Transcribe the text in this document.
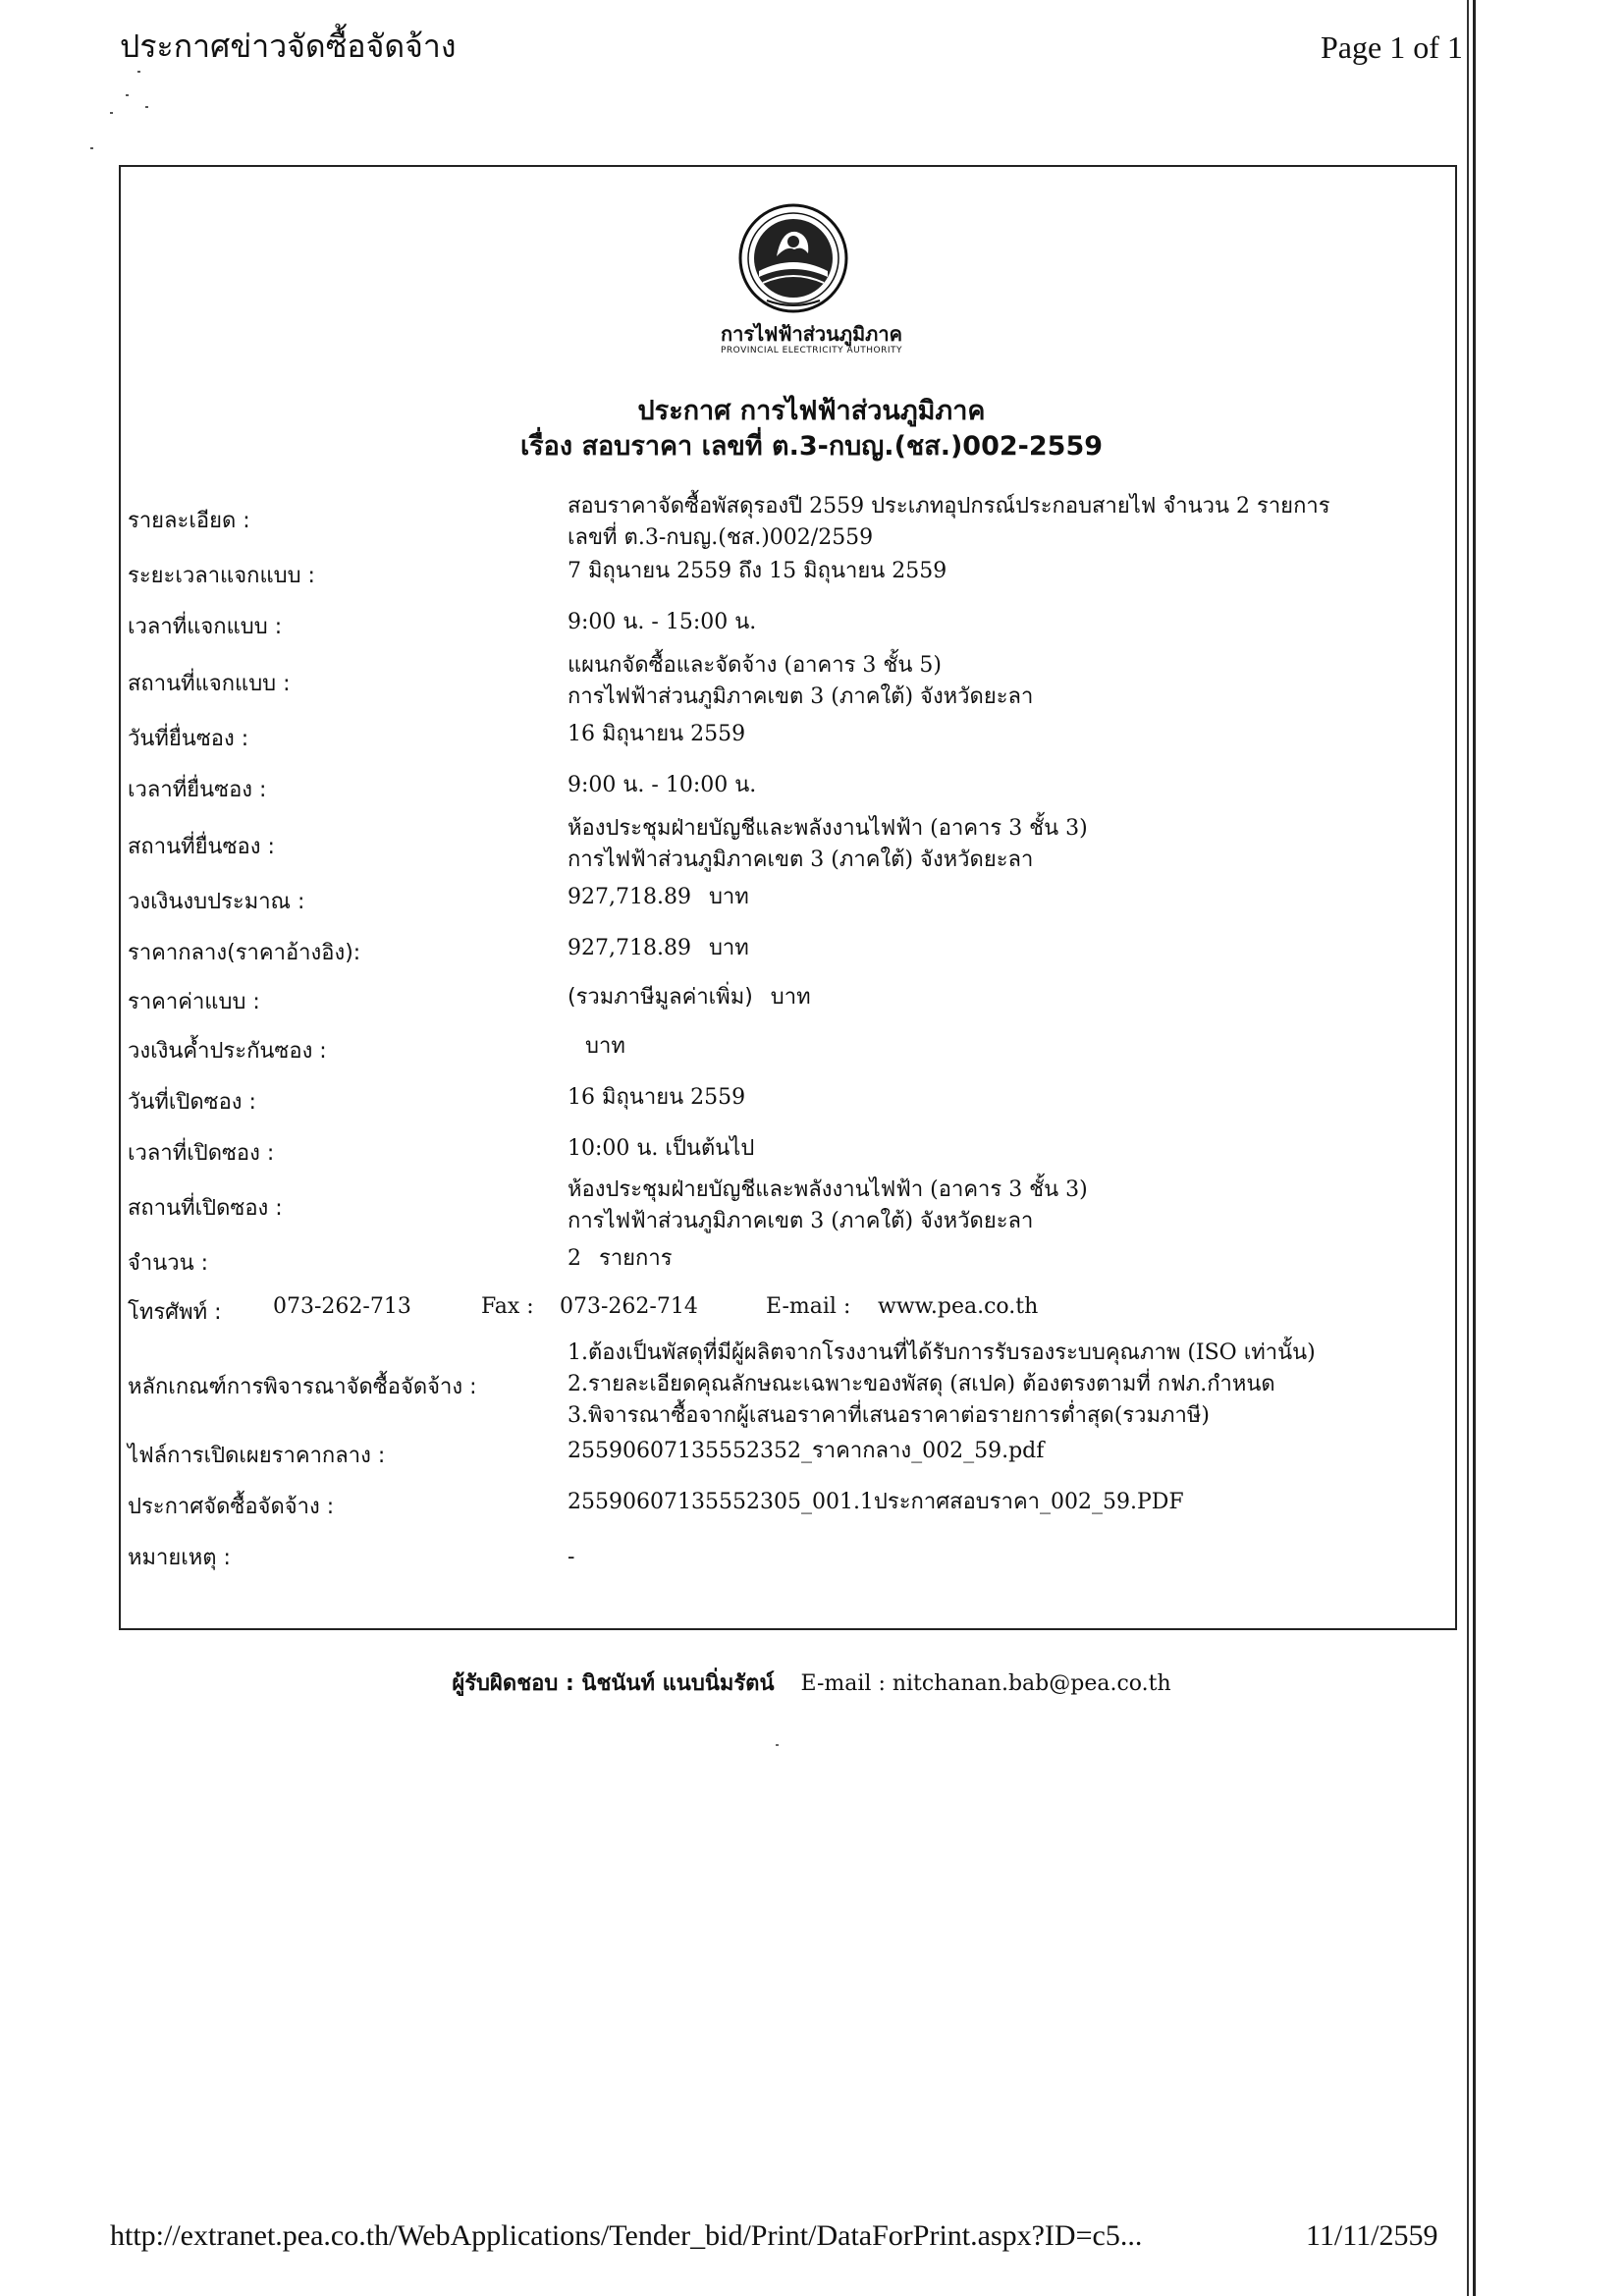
ประกาศข่าวจัดซื้อจัดจ้าง	Page 1 of 1
การไฟฟ้าส่วนภูมิภาค
PROVINCIAL ELECTRICITY AUTHORITY
ประกาศ การไฟฟ้าส่วนภูมิภาค
เรื่อง สอบราคา เลขที่ ต.3-กบญ.(ชส.)002-2559
รายละเอียด :
สอบราคาจัดซื้อพัสดุรองปี 2559 ประเภทอุปกรณ์ประกอบสายไฟ จำนวน 2 รายการ
เลขที่ ต.3-กบญ.(ชส.)002/2559
ระยะเวลาแจกแบบ :	7 มิถุนายน 2559 ถึง 15 มิถุนายน 2559
เวลาที่แจกแบบ :	9:00 น. - 15:00 น.
สถานที่แจกแบบ :
แผนกจัดซื้อและจัดจ้าง (อาคาร 3 ชั้น 5)
การไฟฟ้าส่วนภูมิภาคเขต 3 (ภาคใต้) จังหวัดยะลา
วันที่ยื่นซอง :	16 มิถุนายน 2559
เวลาที่ยื่นซอง :	9:00 น. - 10:00 น.
สถานที่ยื่นซอง :
ห้องประชุมฝ่ายบัญชีและพลังงานไฟฟ้า (อาคาร 3 ชั้น 3)
การไฟฟ้าส่วนภูมิภาคเขต 3 (ภาคใต้) จังหวัดยะลา
วงเงินงบประมาณ :	927,718.89 บาท
ราคากลาง(ราคาอ้างอิง):	927,718.89 บาท
ราคาค่าแบบ :	(รวมภาษีมูลค่าเพิ่ม) บาท
วงเงินค้ำประกันซอง :	บาท
วันที่เปิดซอง :	16 มิถุนายน 2559
เวลาที่เปิดซอง :	10:00 น. เป็นต้นไป
สถานที่เปิดซอง :
ห้องประชุมฝ่ายบัญชีและพลังงานไฟฟ้า (อาคาร 3 ชั้น 3)
การไฟฟ้าส่วนภูมิภาคเขต 3 (ภาคใต้) จังหวัดยะลา
จำนวน :	2 รายการ
โทรศัพท์ : 073-262-713	Fax : 073-262-714	E-mail : www.pea.co.th
หลักเกณฑ์การพิจารณาจัดซื้อจัดจ้าง :
1.ต้องเป็นพัสดุที่มีผู้ผลิตจากโรงงานที่ได้รับการรับรองระบบคุณภาพ (ISO เท่านั้น)
2.รายละเอียดคุณลักษณะเฉพาะของพัสดุ (สเปค) ต้องตรงตามที่ กฟภ.กำหนด
3.พิจารณาซื้อจากผู้เสนอราคาที่เสนอราคาต่อรายการต่ำสุด(รวมภาษี)
ไฟล์การเปิดเผยราคากลาง :	25590607135552352_ราคากลาง_002_59.pdf
ประกาศจัดซื้อจัดจ้าง :	25590607135552305_001.1ประกาศสอบราคา_002_59.PDF
หมายเหตุ :	-
ผู้รับผิดชอบ : นิชนันท์ แนบนิ่มรัตน์ E-mail : nitchanan.bab@pea.co.th
http://extranet.pea.co.th/WebApplications/Tender_bid/Print/DataForPrint.aspx?ID=c5...	11/11/2559
